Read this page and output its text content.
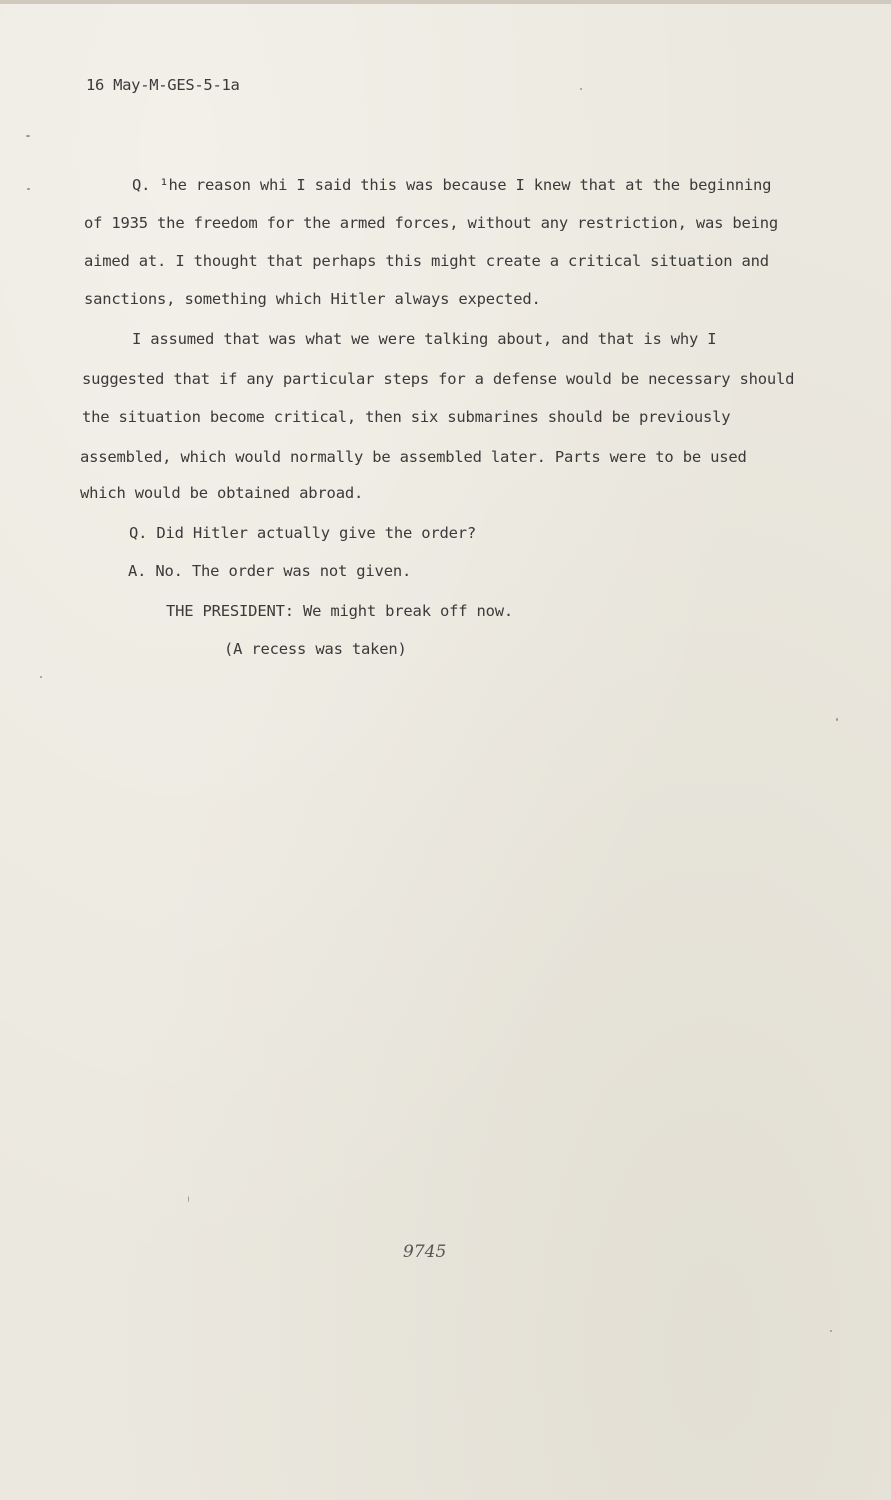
16 May-M-GES-5-1a
Q. ¹he reason whi I said this was because I knew that at the beginning
of 1935 the freedom for the armed forces, without any restriction, was being
aimed at. I thought that perhaps this might create a critical situation and
sanctions, something which Hitler always expected.
I assumed that was what we were talking about, and that is why I
suggested that if any particular steps for a defense would be necessary should
the situation become critical, then six submarines should be previously
assembled, which would normally be assembled later. Parts were to be used
which would be obtained abroad.
Q. Did Hitler actually give the order?
A. No. The order was not given.
THE PRESIDENT: We might break off now.
(A recess was taken)
9745
